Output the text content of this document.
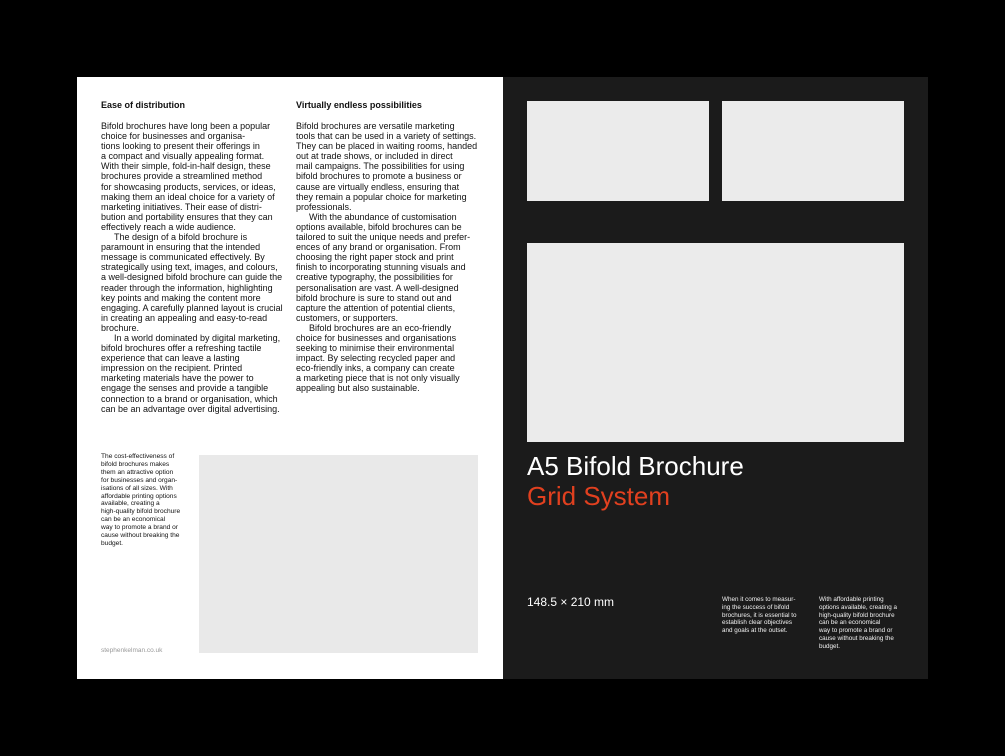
Ease of distribution

Bifold brochures have long been a popular
choice for businesses and organisa-
tions looking to present their offerings in
a compact and visually appealing format.
With their simple, fold-in-half design, these
brochures provide a streamlined method
for showcasing products, services, or ideas,
making them an ideal choice for a variety of
marketing initiatives. Their ease of distri-
bution and portability ensures that they can
effectively reach a wide audience.

The design of a bifold brochure is
paramount in ensuring that the intended
message is communicated effectively. By
strategically using text, images, and colours,
a well-designed bifold brochure can guide the
reader through the information, highlighting
key points and making the content more
engaging. A carefully planned layout is crucial
in creating an appealing and easy-to-read
brochure.

In a world dominated by digital marketing,
bifold brochures offer a refreshing tactile
experience that can leave a lasting
impression on the recipient. Printed
marketing materials have the power to
engage the senses and provide a tangible
connection to a brand or organisation, which
can be an advantage over digital advertising.

Virtually endless possibilities

Bifold brochures are versatile marketing
tools that can be used in a variety of settings.
They can be placed in waiting rooms, handed
out at trade shows, or included in direct
mail campaigns. The possibilities for using
bifold brochures to promote a business or
cause are virtually endless, ensuring that
they remain a popular choice for marketing
professionals.

With the abundance of customisation
options available, bifold brochures can be
tailored to suit the unique needs and prefer-
ences of any brand or organisation. From
choosing the right paper stock and print
finish to incorporating stunning visuals and
creative typography, the possibilities for
personalisation are vast. A well-designed
bifold brochure is sure to stand out and
capture the attention of potential clients,
customers, or supporters.

Bifold brochures are an eco-friendly
choice for businesses and organisations
seeking to minimise their environmental
impact. By selecting recycled paper and
eco-friendly inks, a company can create
a marketing piece that is not only visually
appealing but also sustainable.

The cost-effectiveness of
bifold brochures makes
them an attractive option
for businesses and organ-
isations of all sizes. With
affordable printing options
available, creating a
high-quality bifold brochure
can be an economical
way to promote a brand or
cause without breaking the
budget.
stephenkelman.co.uk
A5 Bifold Brochure
Grid System
148.5 × 210 mm	When it comes to measur-
ing the success of bifold
brochures, it is essential to
establish clear objectives
and goals at the outset.
With affordable printing
options available, creating a
high-quality bifold brochure
can be an economical
way to promote a brand or
cause without breaking the
budget.
